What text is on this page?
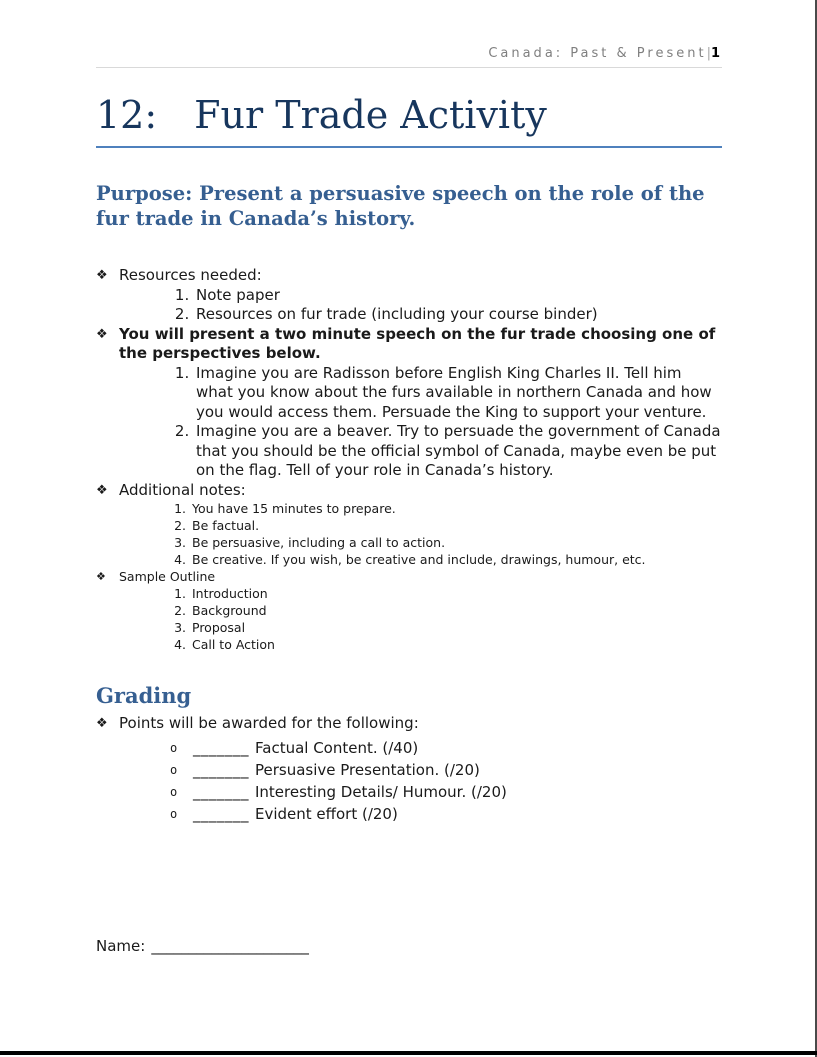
Canada: Past & Present|1
12: Fur Trade Activity
Purpose: Present a persuasive speech on the role of the fur trade in Canada’s history.
❖ Resources needed:
1. Note paper
2. Resources on fur trade (including your course binder)
❖ You will present a two minute speech on the fur trade choosing one of the perspectives below.
1. Imagine you are Radisson before English King Charles II. Tell him what you know about the furs available in northern Canada and how you would access them. Persuade the King to support your venture.
2. Imagine you are a beaver. Try to persuade the government of Canada that you should be the official symbol of Canada, maybe even be put on the flag. Tell of your role in Canada’s history.
❖ Additional notes:
1. You have 15 minutes to prepare.
2. Be factual.
3. Be persuasive, including a call to action.
4. Be creative. If you wish, be creative and include, drawings, humour, etc.
❖	Sample Outline
1. Introduction
2. Background
3. Proposal
4. Call to Action
Grading
❖ Points will be awarded for the following:
o	_______ Factual Content. (/40)
o	_______ Persuasive Presentation. (/20)
o	_______ Interesting Details/ Humour. (/20)
o	_______ Evident effort (/20)
Name: _____________________
